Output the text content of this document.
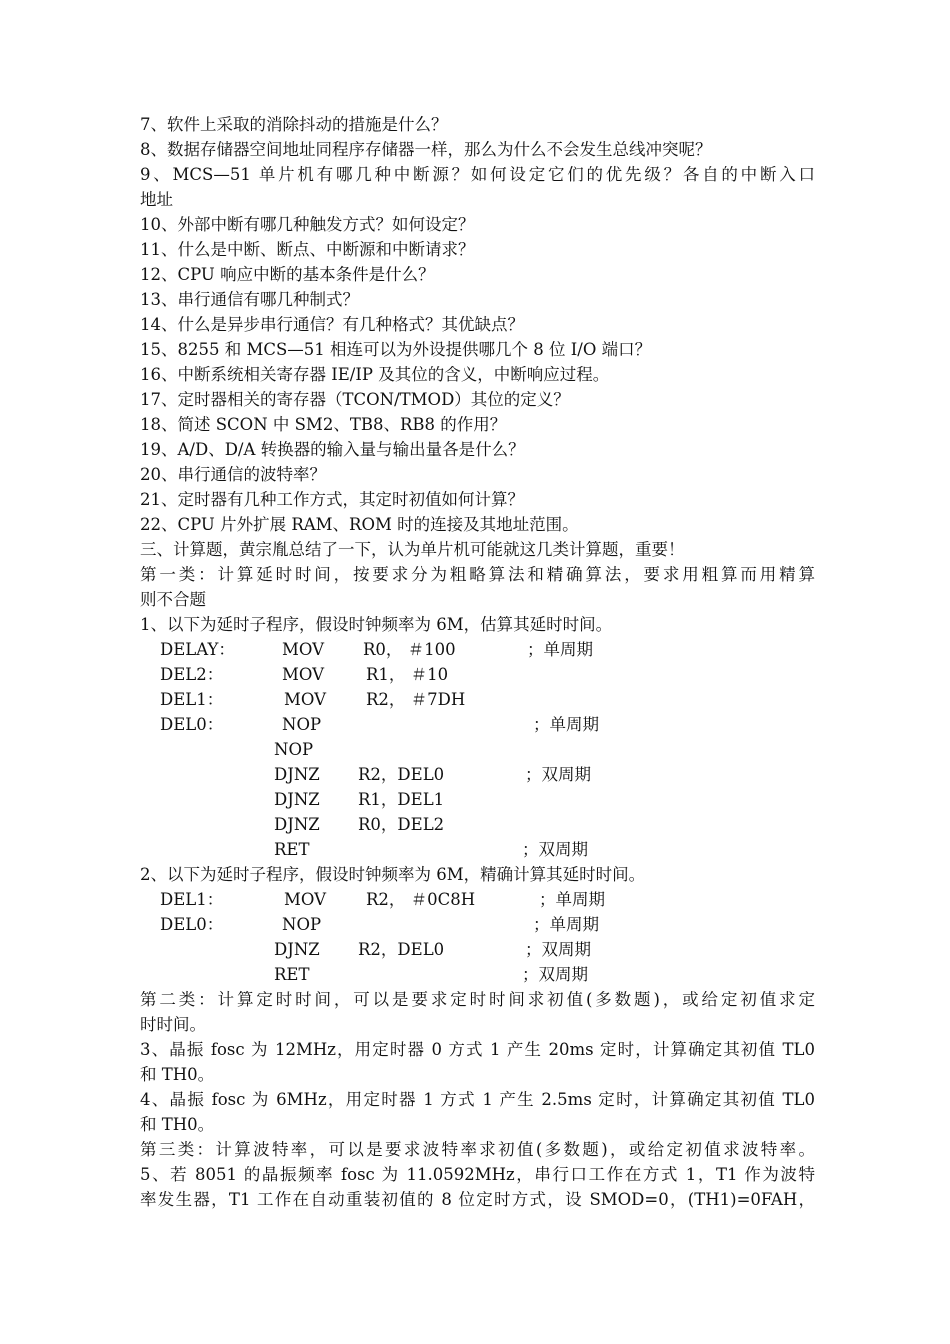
7、软件上采取的消除抖动的措施是什么？
8、数据存储器空间地址同程序存储器一样，那么为什么不会发生总线冲突呢？
9、MCS—51 单片机有哪几种中断源？如何设定它们的优先级？各自的中断入口
地址
10、外部中断有哪几种触发方式？如何设定？
11、什么是中断、断点、中断源和中断请求？
12、CPU 响应中断的基本条件是什么？
13、串行通信有哪几种制式？
14、什么是异步串行通信？有几种格式？其优缺点？
15、8255 和 MCS—51 相连可以为外设提供哪几个 8 位 I/O 端口？
16、中断系统相关寄存器 IE/IP 及其位的含义，中断响应过程。
17、定时器相关的寄存器（TCON/TMOD）其位的定义？
18、简述 SCON 中 SM2、TB8、RB8 的作用？
19、A/D、D/A 转换器的输入量与输出量各是什么？
20、串行通信的波特率？
21、定时器有几种工作方式，其定时初值如何计算？
22、CPU 片外扩展 RAM、ROM 时的连接及其地址范围。
三、计算题，黄宗胤总结了一下，认为单片机可能就这几类计算题，重要！
第一类：计算延时时间，按要求分为粗略算法和精确算法，要求用粗算而用精算
则不合题
1、以下为延时子程序，假设时钟频率为 6M，估算其延时时间。
DELAY：	MOV R0， ＃100	；单周期
DEL2：	MOV	R1， ＃10
DEL1：	MOV R2， ＃7DH
DEL0：	NOP	；单周期
NOP
DJNZ R2，DEL0	；双周期
DJNZ R1，DEL1
DJNZ R0，DEL2
RET	；双周期
2、以下为延时子程序，假设时钟频率为 6M，精确计算其延时时间。
DEL1：	MOV R2， ＃0C8H	；单周期
DEL0：	NOP	；单周期
DJNZ R2，DEL0	；双周期
RET	；双周期
第二类：计算定时时间，可以是要求定时时间求初值(多数题)，或给定初值求定
时时间。
3、晶振 fosc 为 12MHz，用定时器 0 方式 1 产生 20ms 定时，计算确定其初值 TL0
和 TH0。
4、晶振 fosc 为 6MHz，用定时器 1 方式 1 产生 2.5ms 定时，计算确定其初值 TL0
和 TH0。
第三类：计算波特率，可以是要求波特率求初值(多数题)，或给定初值求波特率。
5、若 8051 的晶振频率 fosc 为 11.0592MHz，串行口工作在方式 1，T1 作为波特
率发生器，T1 工作在自动重装初值的 8 位定时方式，设 SMOD=0，(TH1)=0FAH，
